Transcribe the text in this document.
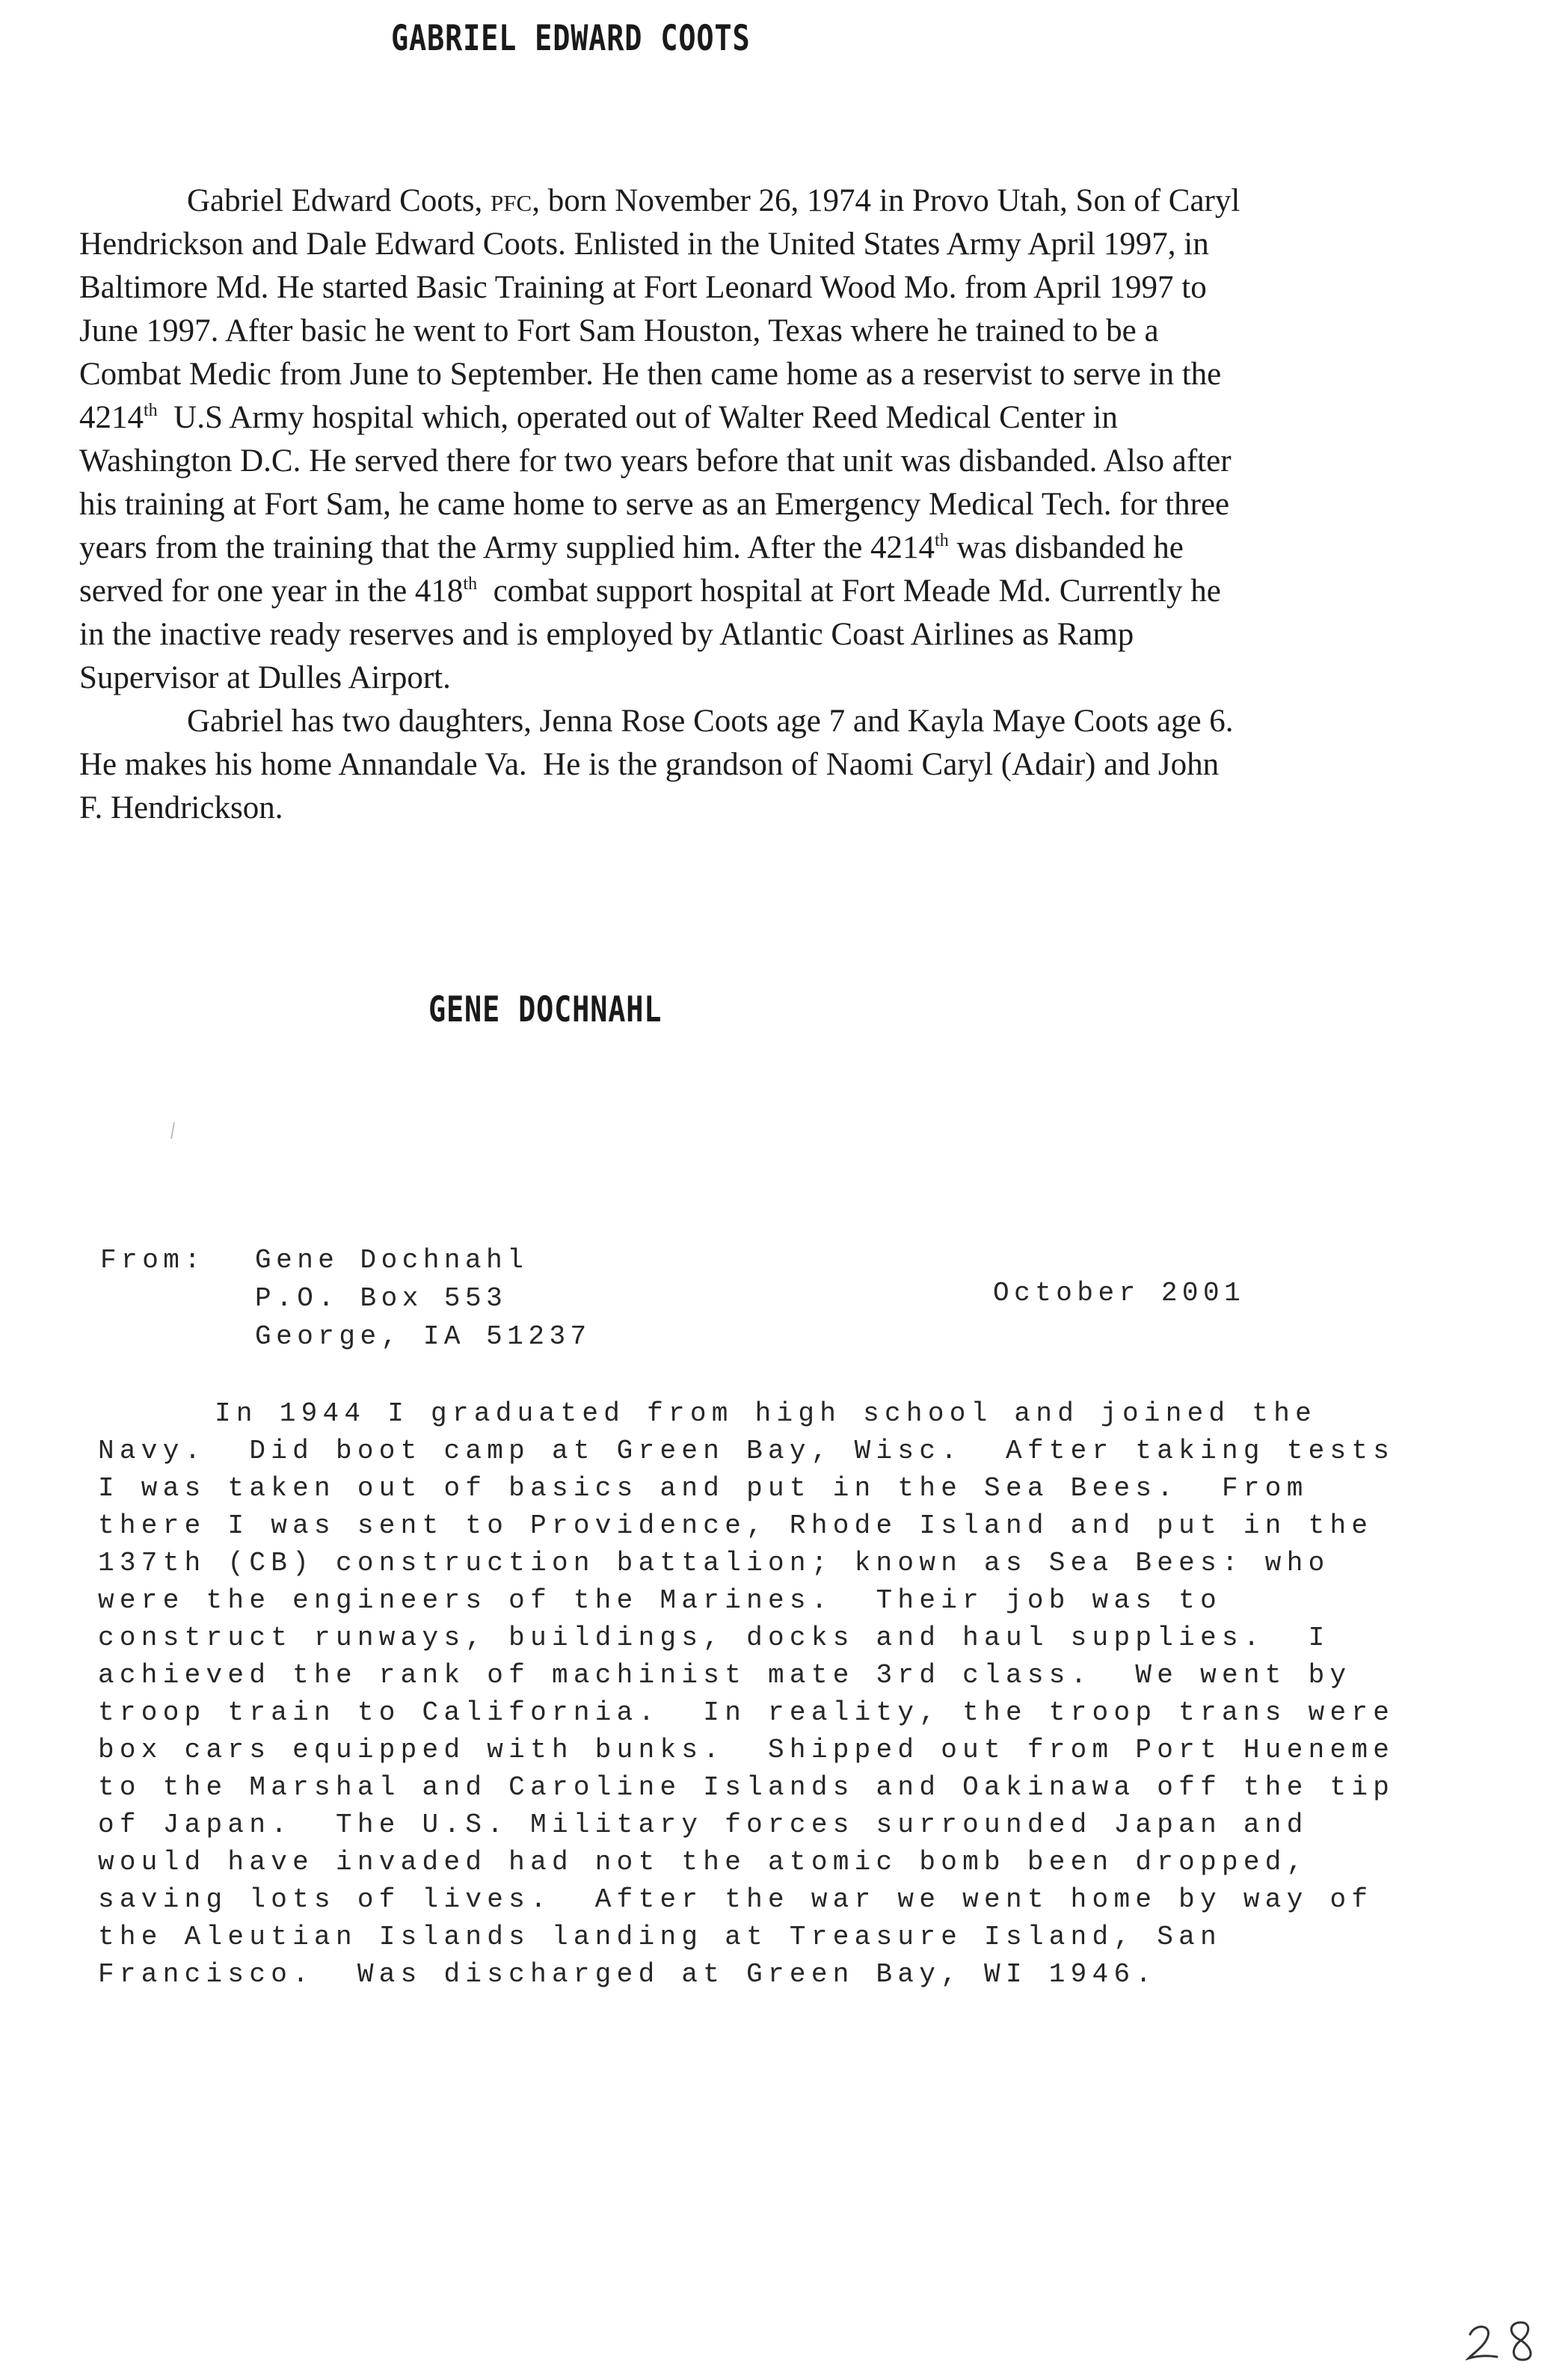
GABRIEL EDWARD COOTS
Gabriel Edward Coots, PFC, born November 26, 1974 in Provo Utah, Son of Caryl
Hendrickson and Dale Edward Coots. Enlisted in the United States Army April 1997, in
Baltimore Md. He started Basic Training at Fort Leonard Wood Mo. from April 1997 to
June 1997. After basic he went to Fort Sam Houston, Texas where he trained to be a
Combat Medic from June to September. He then came home as a reservist to serve in the
4214th  U.S Army hospital which, operated out of Walter Reed Medical Center in
Washington D.C. He served there for two years before that unit was disbanded. Also after
his training at Fort Sam, he came home to serve as an Emergency Medical Tech. for three
years from the training that the Army supplied him. After the 4214th was disbanded he
served for one year in the 418th  combat support hospital at Fort Meade Md. Currently he
in the inactive ready reserves and is employed by Atlantic Coast Airlines as Ramp
Supervisor at Dulles Airport.
Gabriel has two daughters, Jenna Rose Coots age 7 and Kayla Maye Coots age 6.
He makes his home Annandale Va.  He is the grandson of Naomi Caryl (Adair) and John
F. Hendrickson.
GENE DOCHNAHL
From: Gene Dochnahl
P.O. Box 553
George, IA 51237
October 2001
In 1944 I graduated from high school and joined the
Navy.  Did boot camp at Green Bay, Wisc.  After taking tests
I was taken out of basics and put in the Sea Bees.  From
there I was sent to Providence, Rhode Island and put in the
137th (CB) construction battalion; known as Sea Bees: who
were the engineers of the Marines.  Their job was to
construct runways, buildings, docks and haul supplies.  I
achieved the rank of machinist mate 3rd class.  We went by
troop train to California.  In reality, the troop trans were
box cars equipped with bunks.  Shipped out from Port Hueneme
to the Marshal and Caroline Islands and Oakinawa off the tip
of Japan.  The U.S. Military forces surrounded Japan and
would have invaded had not the atomic bomb been dropped,
saving lots of lives.  After the war we went home by way of
the Aleutian Islands landing at Treasure Island, San
Francisco.  Was discharged at Green Bay, WI 1946.
